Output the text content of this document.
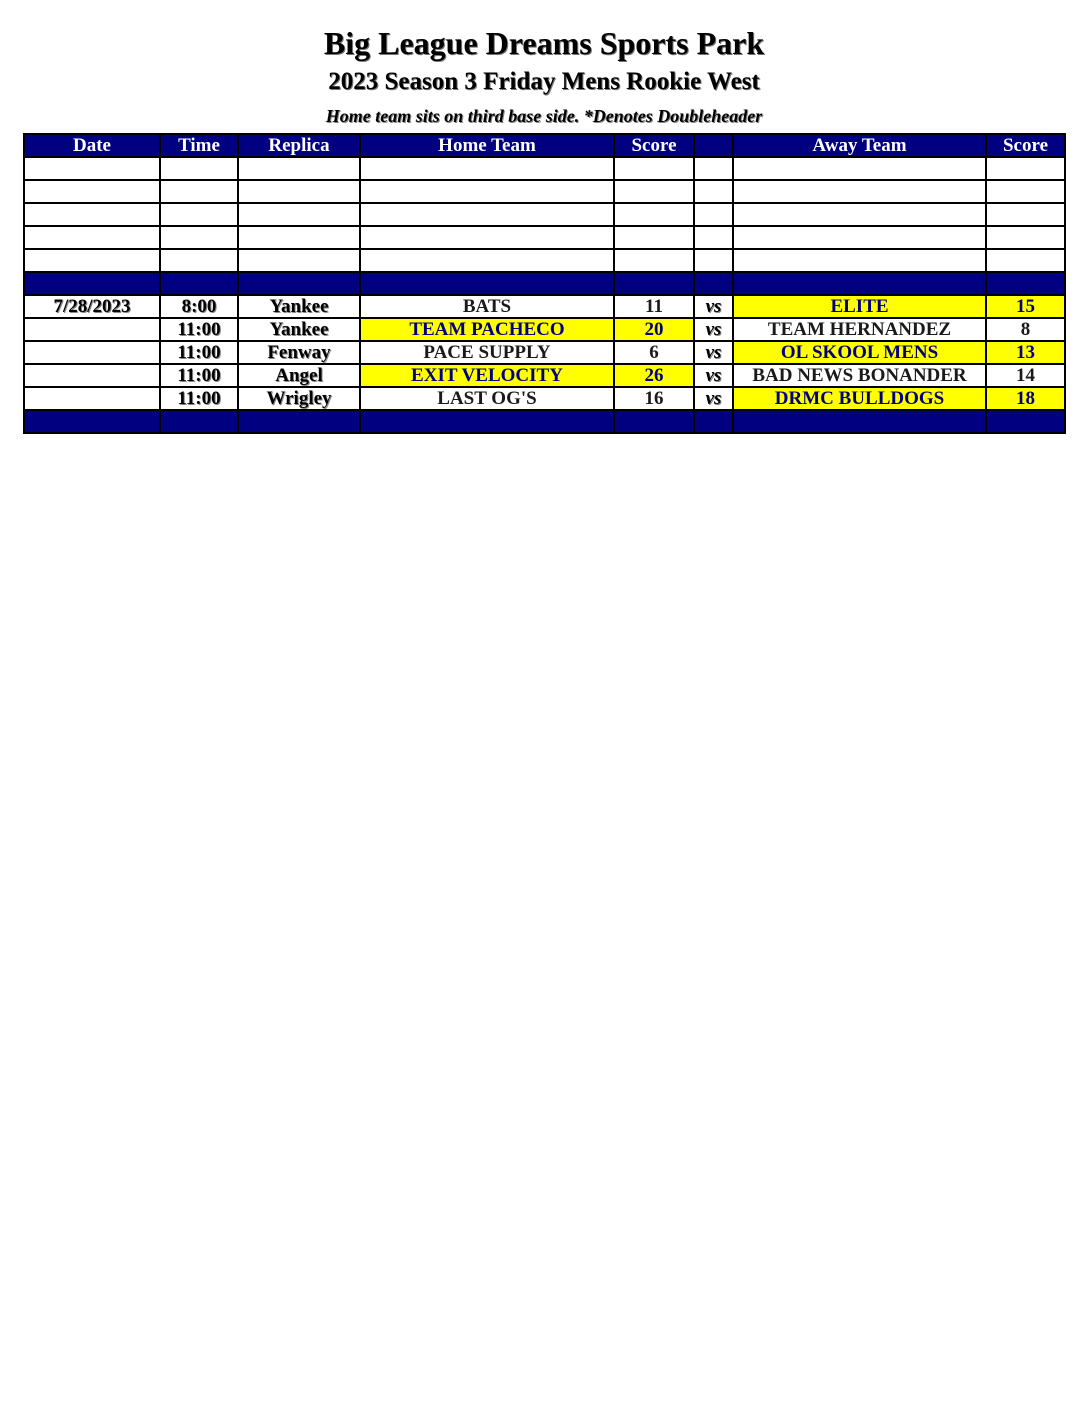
Big League Dreams Sports Park
2023 Season 3 Friday Mens Rookie West
Home team sits on third base side. *Denotes Doubleheader
Date	Time	Replica	Home Team	Score		Away Team	Score

7/28/2023	8:00	Yankee	BATS	11	vs	ELITE	15
	11:00	Yankee	TEAM PACHECO	20	vs	TEAM HERNANDEZ	8
	11:00	Fenway	PACE SUPPLY	6	vs	OL SKOOL MENS	13
	11:00	Angel	EXIT VELOCITY	26	vs	BAD NEWS BONANDER	14
	11:00	Wrigley	LAST OG'S	16	vs	DRMC BULLDOGS	18
